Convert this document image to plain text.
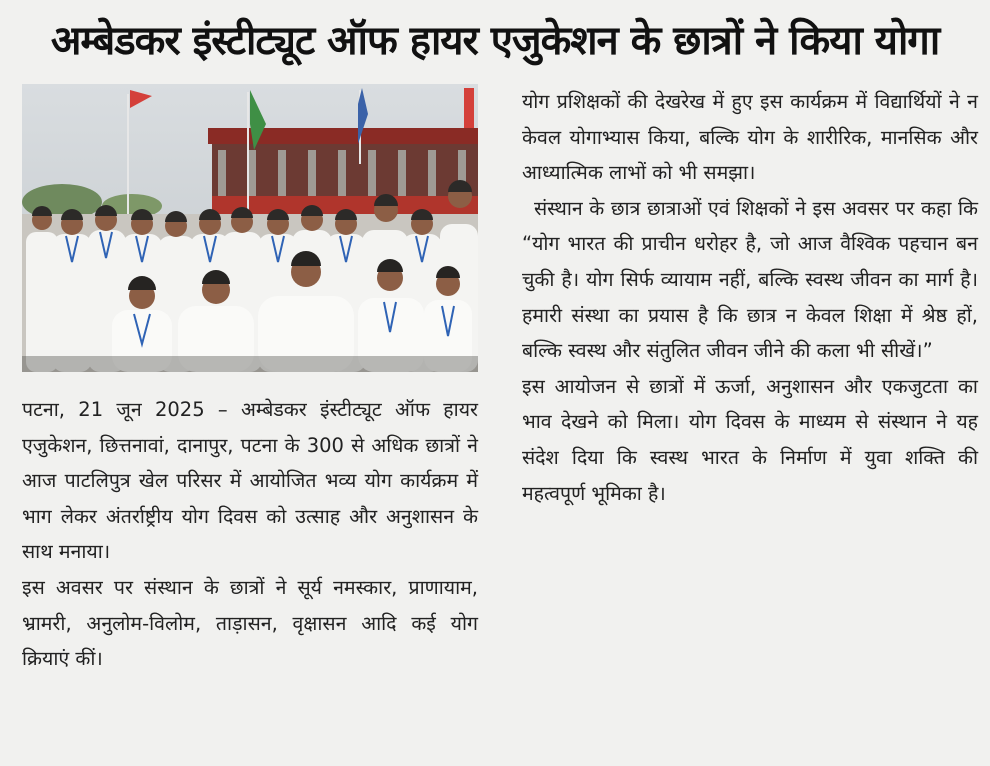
अम्बेडकर इंस्टीट्यूट ऑफ हायर एजुकेशन के छात्रों ने किया योगा

पटना, 21 जून 2025 – अम्बेडकर इंस्टीट्यूट ऑफ हायर एजुकेशन, छित्तनावां, दानापुर, पटना के 300 से अधिक छात्रों ने आज पाटलिपुत्र खेल परिसर में आयोजित भव्य योग कार्यक्रम में भाग लेकर अंतर्राष्ट्रीय योग दिवस को उत्साह और अनुशासन के साथ मनाया।

इस अवसर पर संस्थान के छात्रों ने सूर्य नमस्कार, प्राणायाम, भ्रामरी, अनुलोम-विलोम, ताड़ासन, वृक्षासन आदि कई योग क्रियाएं कीं।

योग प्रशिक्षकों की देखरेख में हुए इस कार्यक्रम में विद्यार्थियों ने न केवल योगाभ्यास किया, बल्कि योग के शारीरिक, मानसिक और आध्यात्मिक लाभों को भी समझा।

संस्थान के छात्र छात्राओं एवं शिक्षकों ने इस अवसर पर कहा कि “योग भारत की प्राचीन धरोहर है, जो आज वैश्विक पहचान बन चुकी है। योग सिर्फ व्यायाम नहीं, बल्कि स्वस्थ जीवन का मार्ग है। हमारी संस्था का प्रयास है कि छात्र न केवल शिक्षा में श्रेष्ठ हों, बल्कि स्वस्थ और संतुलित जीवन जीने की कला भी सीखें।”

इस आयोजन से छात्रों में ऊर्जा, अनुशासन और एकजुटता का भाव देखने को मिला। योग दिवस के माध्यम से संस्थान ने यह संदेश दिया कि स्वस्थ भारत के निर्माण में युवा शक्ति की महत्वपूर्ण भूमिका है।
